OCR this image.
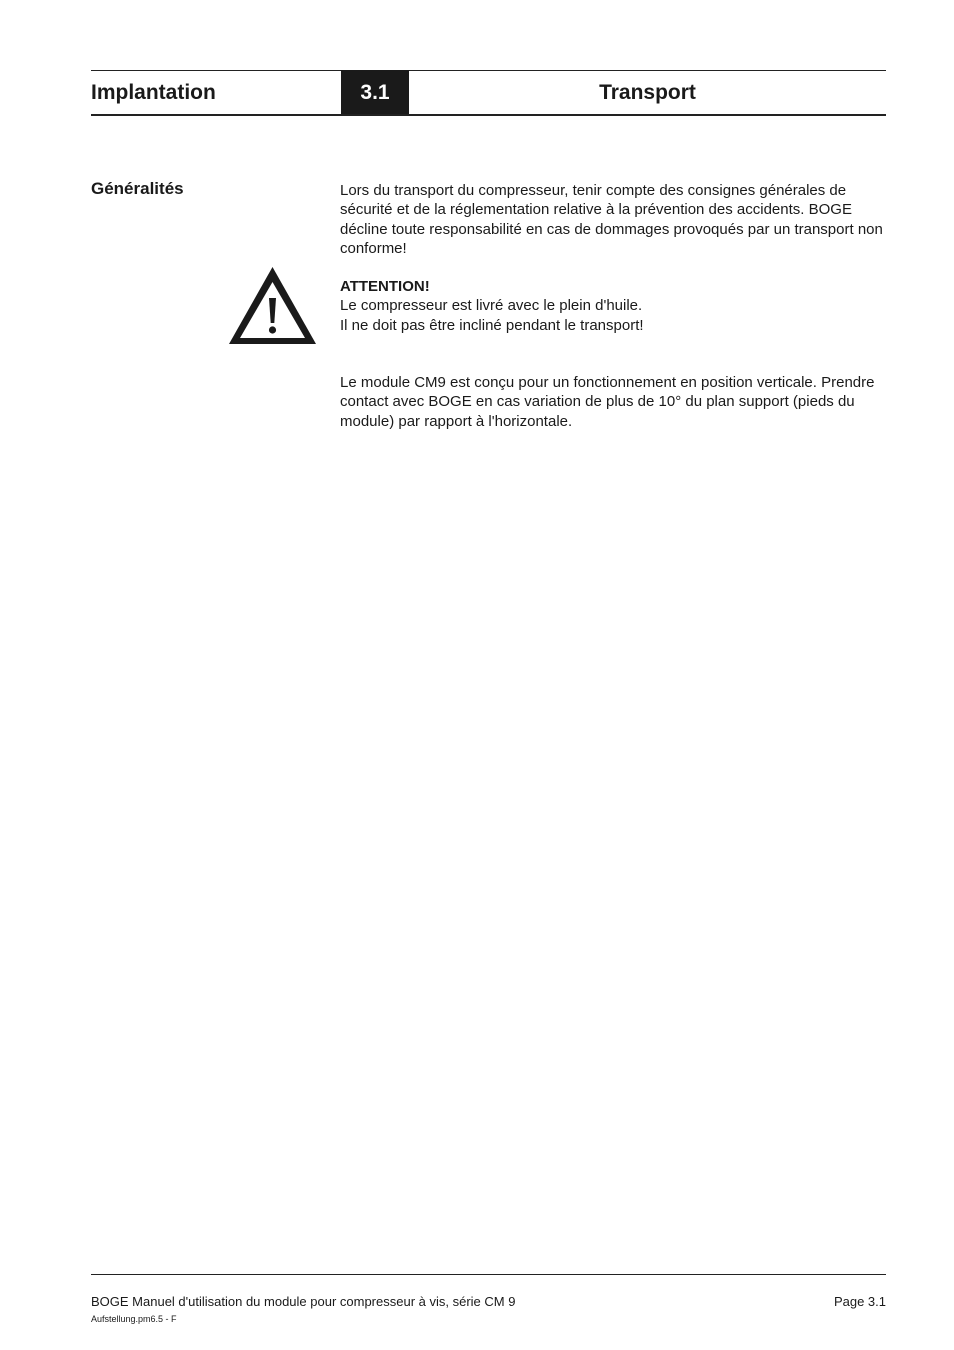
Implantation	3.1	Transport
Généralités	Lors du transport du compresseur, tenir compte des consignes générales de sécurité et de la réglementation relative à la prévention des accidents. BOGE décline toute responsabilité en cas de dommages provoqués par un transport non conforme!

ATTENTION!
Le compresseur est livré avec le plein d'huile.
Il ne doit pas être incliné pendant le transport!

Le module CM9 est conçu pour un fonctionnement en position verticale. Prendre contact avec BOGE en cas variation de plus de 10° du plan support (pieds du module) par rapport à l'horizontale.

BOGE Manuel d'utilisation du module pour compresseur à vis, série CM 9	Page 3.1

Aufstellung.pm6.5 - F
